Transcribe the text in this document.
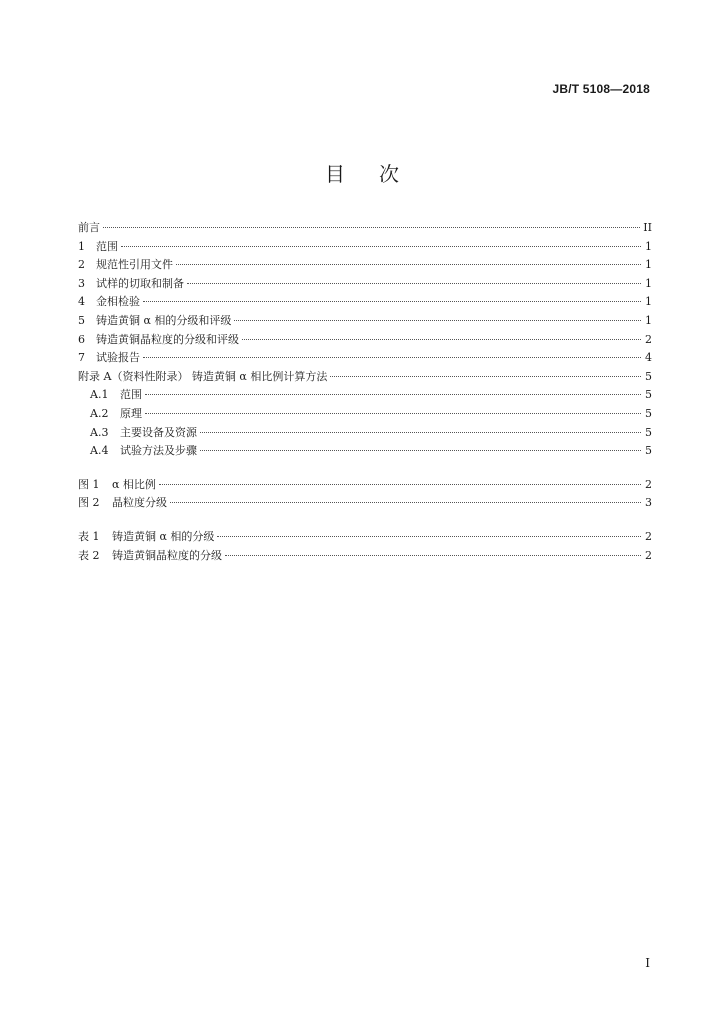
JB/T 5108—2018
目次
前言	II
1	范围	1
2	规范性引用文件	1
3	试样的切取和制备	1
4	金相检验	1
5	铸造黄铜 α 相的分级和评级	1
6	铸造黄铜晶粒度的分级和评级	2
7	试验报告	4
附录 A（资料性附录） 铸造黄铜 α 相比例计算方法	5
A.1	范围	5
A.2	原理	5
A.3	主要设备及资源	5
A.4	试验方法及步骤	5
图 1	α 相比例	2
图 2	晶粒度分级	3
表 1	铸造黄铜 α 相的分级	2
表 2	铸造黄铜晶粒度的分级	2
I
